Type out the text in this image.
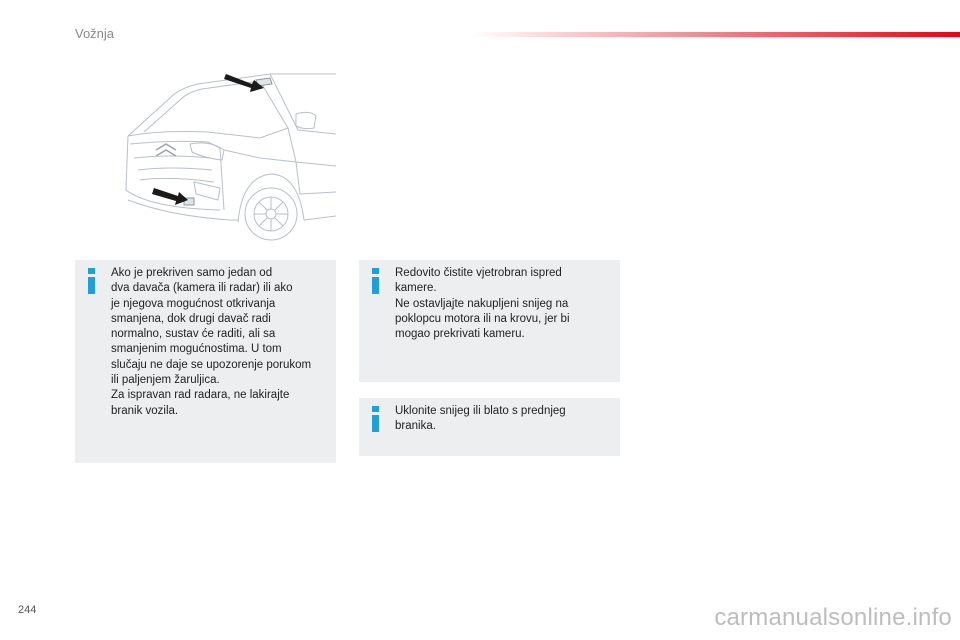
Vožnja
Ako je prekriven samo jedan od
dva davača (kamera ili radar) ili ako
je njegova mogućnost otkrivanja
smanjena, dok drugi davač radi
normalno, sustav će raditi, ali sa
smanjenim mogućnostima. U tom
slučaju ne daje se upozorenje porukom
ili paljenjem žaruljica.
Za ispravan rad radara, ne lakirajte
branik vozila.
Redovito čistite vjetrobran ispred
kamere.
Ne ostavljajte nakupljeni snijeg na
poklopcu motora ili na krovu, jer bi
mogao prekrivati kameru.
Uklonite snijeg ili blato s prednjeg
branika.
244	carmanualsonline.info
